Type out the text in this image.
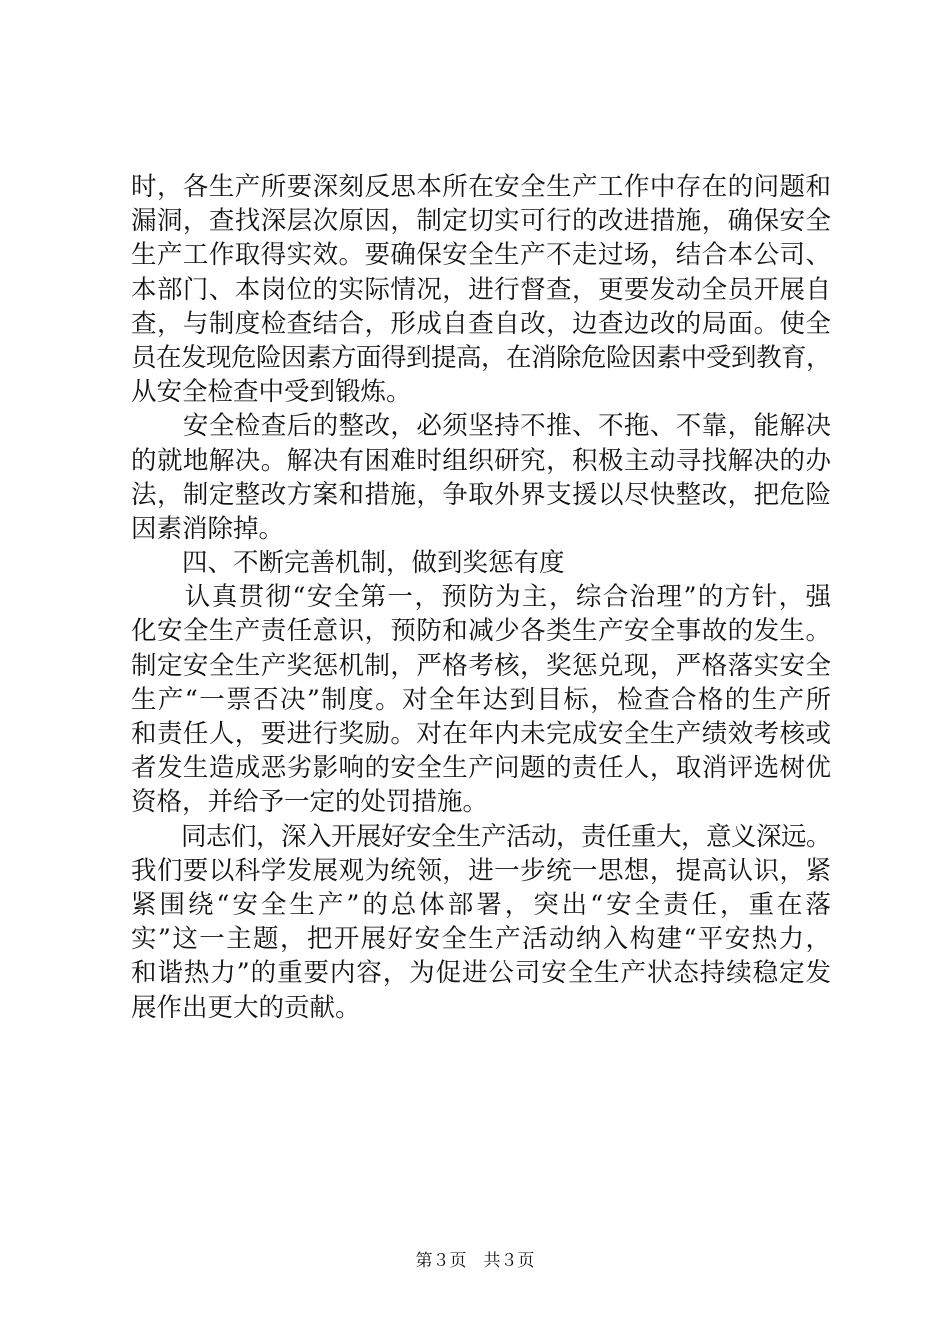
时，各生产所要深刻反思本所在安全生产工作中存在的问题和
漏洞，查找深层次原因，制定切实可行的改进措施，确保安全
生产工作取得实效。要确保安全生产不走过场，结合本公司、
本部门、本岗位的实际情况，进行督查，更要发动全员开展自
查，与制度检查结合，形成自查自改，边查边改的局面。使全
员在发现危险因素方面得到提高，在消除危险因素中受到教育，
从安全检查中受到锻炼。
　　安全检查后的整改，必须坚持不推、不拖、不靠，能解决
的就地解决。解决有困难时组织研究，积极主动寻找解决的办
法，制定整改方案和措施，争取外界支援以尽快整改，把危险
因素消除掉。
　　四、不断完善机制，做到奖惩有度
　　认真贯彻“安全第一，预防为主，综合治理”的方针，强
化安全生产责任意识，预防和减少各类生产安全事故的发生。
制定安全生产奖惩机制，严格考核，奖惩兑现，严格落实安全
生产“一票否决”制度。对全年达到目标，检查合格的生产所
和责任人，要进行奖励。对在年内未完成安全生产绩效考核或
者发生造成恶劣影响的安全生产问题的责任人，取消评选树优
资格，并给予一定的处罚措施。
　　同志们，深入开展好安全生产活动，责任重大，意义深远。
我们要以科学发展观为统领，进一步统一思想，提高认识，紧
紧围绕“安全生产”的总体部署，突出“安全责任，重在落
实”这一主题，把开展好安全生产活动纳入构建“平安热力，
和谐热力”的重要内容，为促进公司安全生产状态持续稳定发
展作出更大的贡献。
第３页　共３页
